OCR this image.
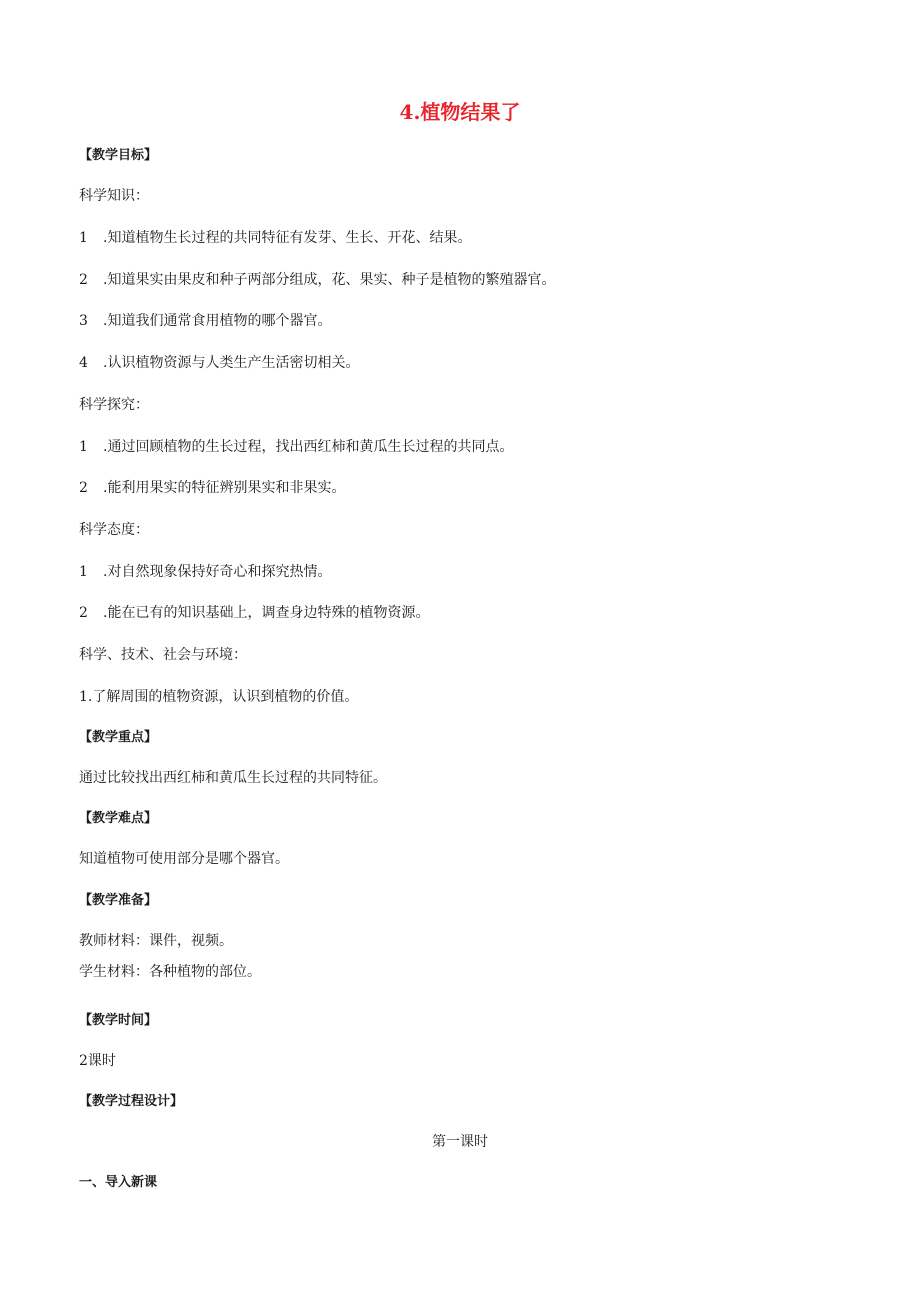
4.植物结果了
【教学目标】
科学知识：
1 .知道植物生长过程的共同特征有发芽、生长、开花、结果。
2 .知道果实由果皮和种子两部分组成，花、果实、种子是植物的繁殖器官。
3 .知道我们通常食用植物的哪个器官。
4 .认识植物资源与人类生产生活密切相关。
科学探究：
1 .通过回顾植物的生长过程，找出西红柿和黄瓜生长过程的共同点。
2 .能利用果实的特征辨别果实和非果实。
科学态度：
1 .对自然现象保持好奇心和探究热情。
2 .能在已有的知识基础上，调查身边特殊的植物资源。
科学、技术、社会与环境：
1.了解周围的植物资源，认识到植物的价值。
【教学重点】
通过比较找出西红柿和黄瓜生长过程的共同特征。
【教学难点】
知道植物可使用部分是哪个器官。
【教学准备】
教师材料：课件，视频。
学生材料：各种植物的部位。
【教学时间】
2课时
【教学过程设计】
第一课时
一、导入新课
